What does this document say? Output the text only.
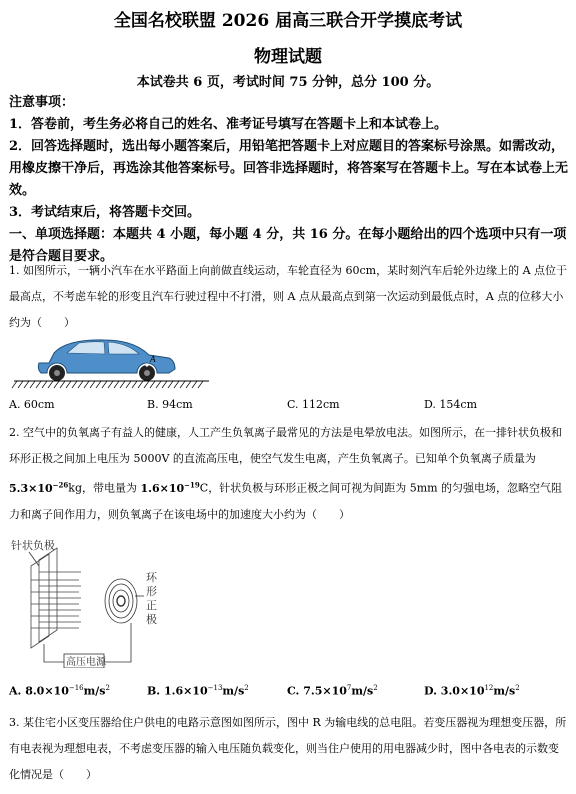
全国名校联盟 2026 届高三联合开学摸底考试
物理试题
本试卷共 6 页，考试时间 75 分钟，总分 100 分。
注意事项：
1．答卷前，考生务必将自己的姓名、准考证号填写在答题卡上和本试卷上。
2．回答选择题时，选出每小题答案后，用铅笔把答题卡上对应题目的答案标号涂黑。如需改动，用橡皮擦干净后，再选涂其他答案标号。回答非选择题时，将答案写在答题卡上。写在本试卷上无效。
3．考试结束后，将答题卡交回。
一、单项选择题：本题共 4 小题，每小题 4 分，共 16 分。在每小题给出的四个选项中只有一项是符合题目要求。
1. 如图所示，一辆小汽车在水平路面上向前做直线运动，车轮直径为 60cm，某时刻汽车后轮外边缘上的 A 点位于最高点，不考虑车轮的形变且汽车行驶过程中不打滑，则 A 点从最高点到第一次运动到最低点时，A 点的位移大小约为（　　）
A
A. 60cm	B. 94cm	C. 112cm	D. 154cm
2. 空气中的负氧离子有益人的健康，人工产生负氧离子最常见的方法是电晕放电法。如图所示，在一排针状负极和环形正极之间加上电压为 5000V 的直流高压电，使空气发生电离，产生负氧离子。已知单个负氧离子质量为 $5.3\times 10^{-26}kg$，带电量为 $1.6\times 10^{-19}C$，针状负极与环形正极之间可视为间距为 5mm 的匀强电场，忽略空气阻力和离子间作用力，则负氧离子在该电场中的加速度大小约为（　　）
针状负极
环
形
正
极
高压电源
A. $8.0\times 10^{-16}m/s^2$	B. $1.6\times 10^{-13}m/s^2$	C. $7.5\times 10^7m/s^2$	D. $3.0\times 10^{12}m/s^2$
3. 某住宅小区变压器给住户供电的电路示意图如图所示，图中 R 为输电线的总电阻。若变压器视为理想变压器，所有电表视为理想电表，不考虑变压器的输入电压随负载变化，则当住户使用的用电器减少时，图中各电表的示数变化情况是（　　）
